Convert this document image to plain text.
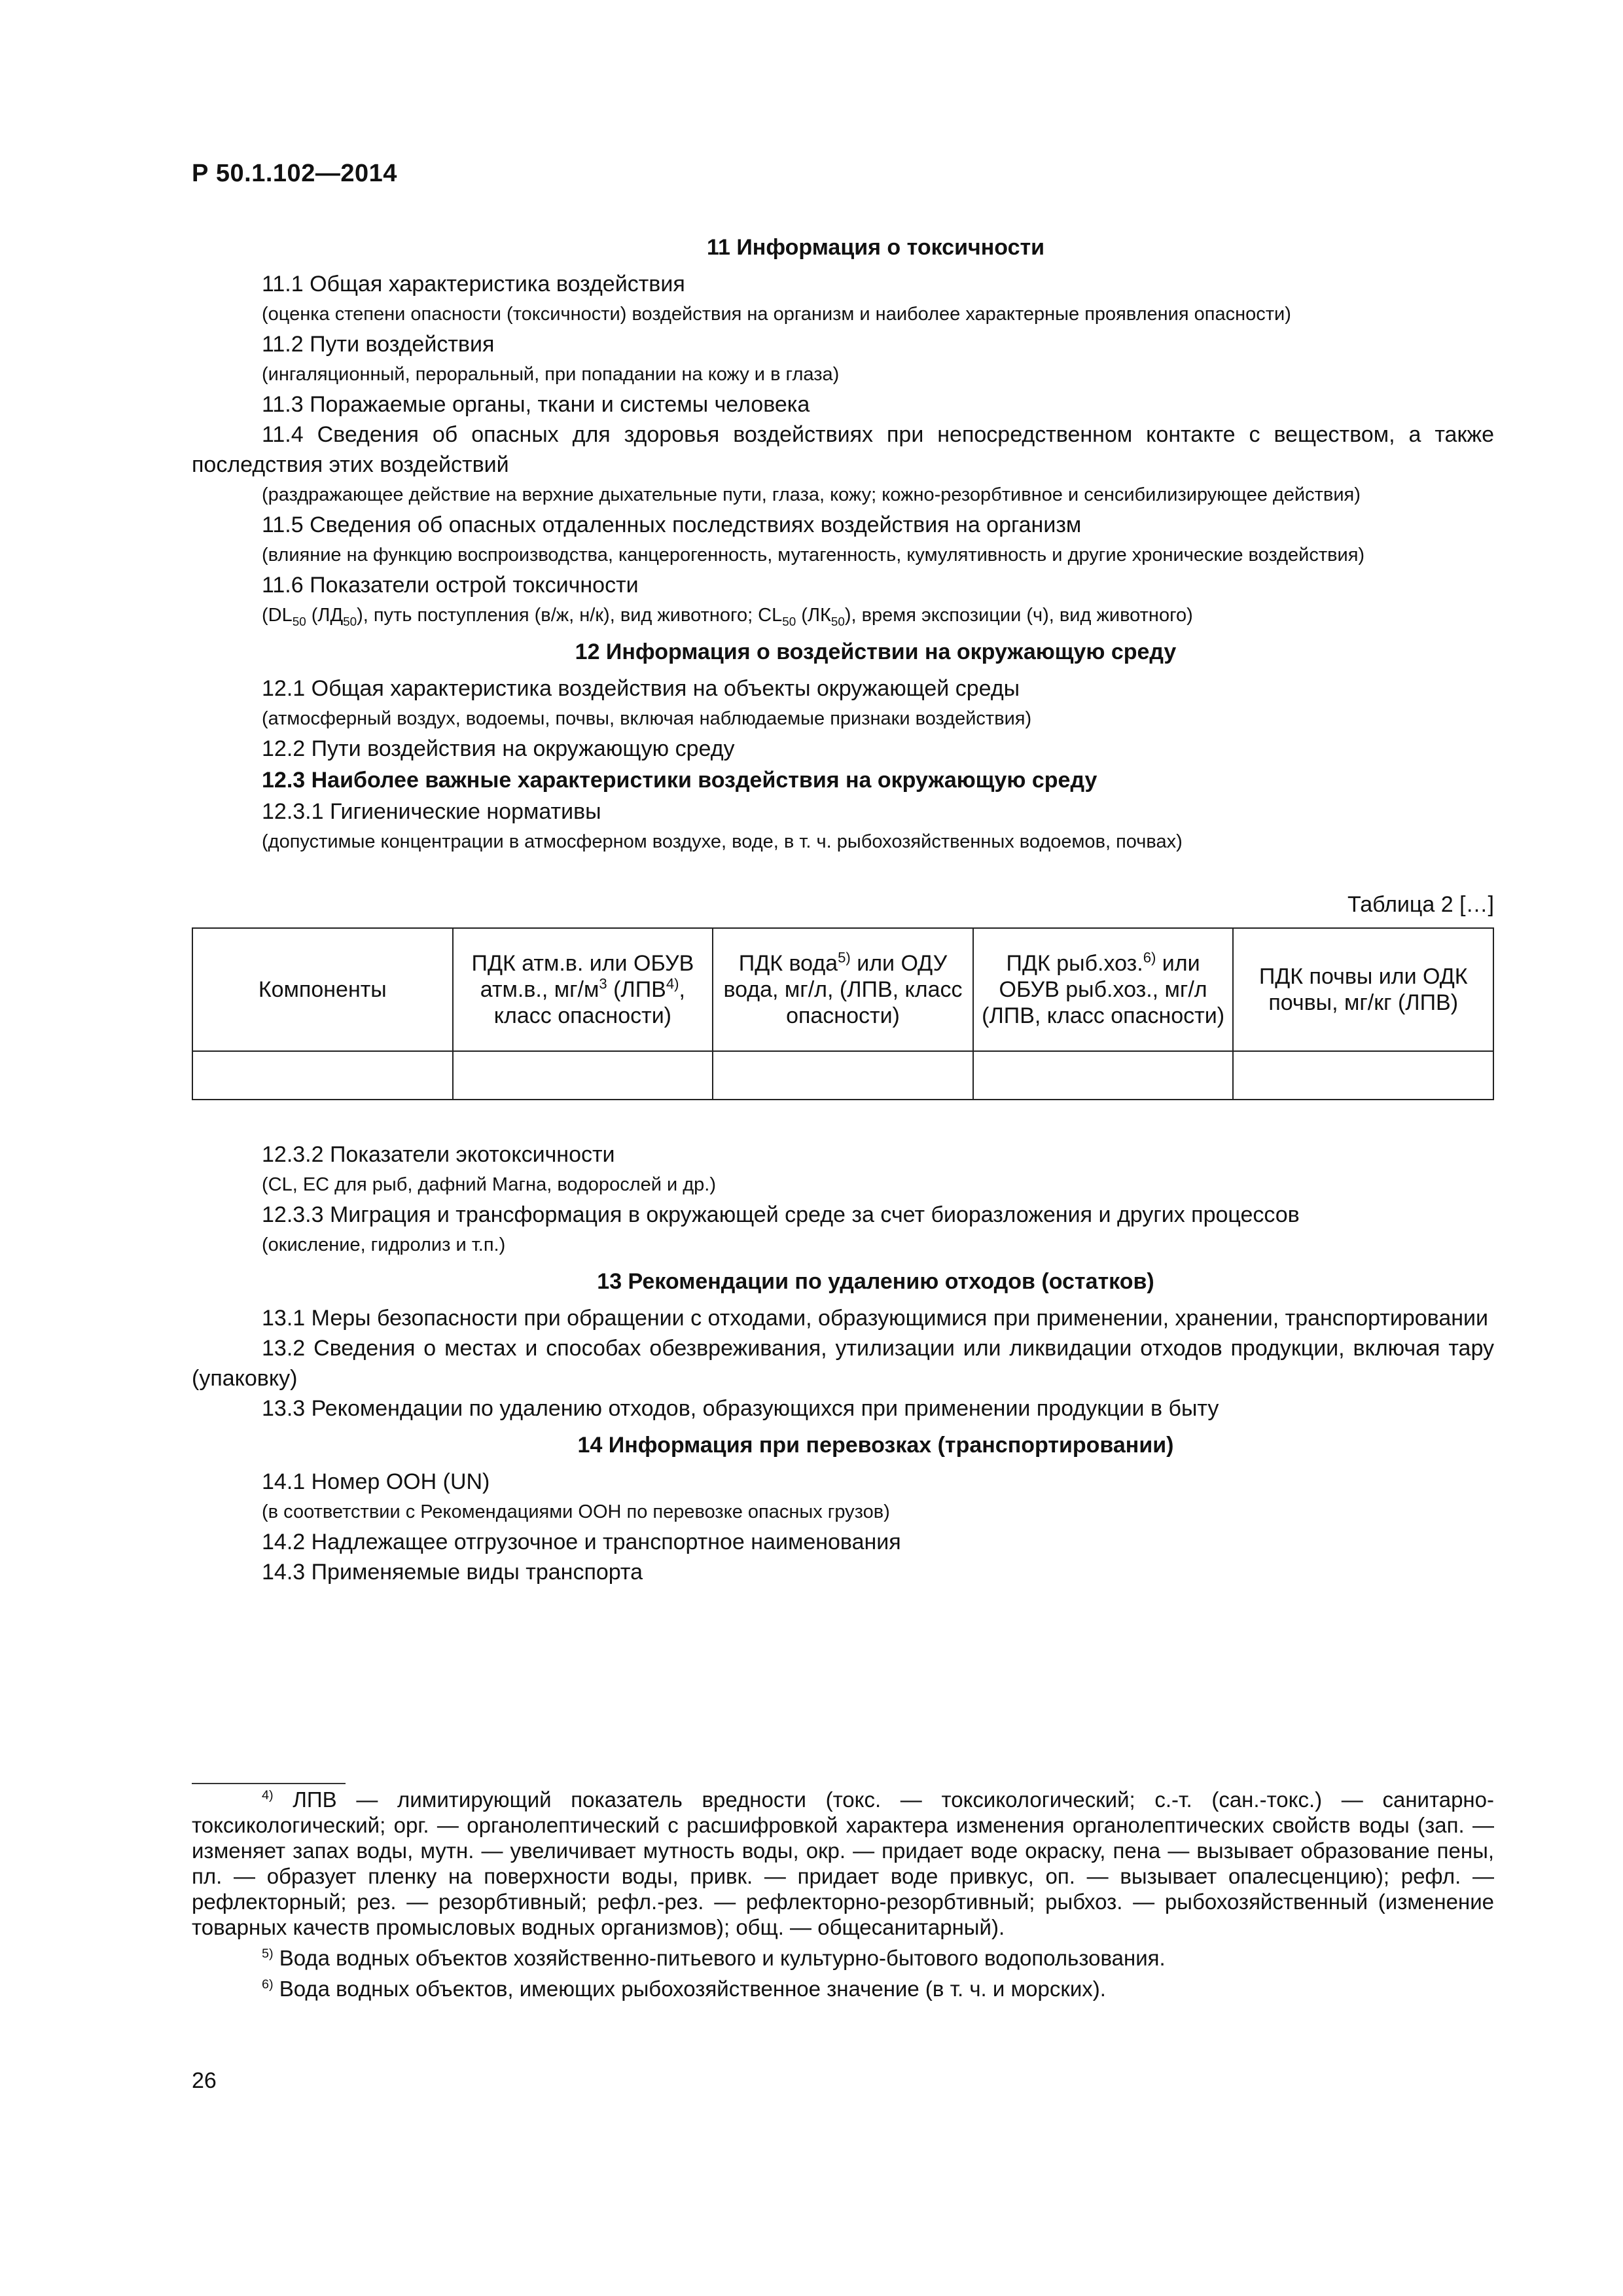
Р 50.1.102—2014
11 Информация о токсичности

11.1 Общая характеристика воздействия

(оценка степени опасности (токсичности) воздействия на организм и наиболее характерные проявления опасности)

11.2 Пути воздействия

(ингаляционный, пероральный, при попадании на кожу и в глаза)

11.3 Поражаемые органы, ткани и системы человека

11.4 Сведения об опасных для здоровья воздействиях при непосредственном контакте с веществом, а также последствия этих воздействий

(раздражающее действие на верхние дыхательные пути, глаза, кожу; кожно-резорбтивное и сенсибилизирующее действия)

11.5 Сведения об опасных отдаленных последствиях воздействия на организм

(влияние на функцию воспроизводства, канцерогенность, мутагенность, кумулятивность и другие хронические воздействия)

11.6 Показатели острой токсичности

($DL_{50}$ $(ЛД_{50})$, путь поступления (в/ж, н/к), вид животного; $CL_{50}$ $(ЛК_{50})$, время экспозиции (ч), вид животного)

12 Информация о воздействии на окружающую среду

12.1 Общая характеристика воздействия на объекты окружающей среды

(атмосферный воздух, водоемы, почвы, включая наблюдаемые признаки воздействия)

12.2 Пути воздействия на окружающую среду

12.3 Наиболее важные характеристики воздействия на окружающую среду

12.3.1 Гигиенические нормативы

(допустимые концентрации в атмосферном воздухе, воде, в т. ч. рыбохозяйственных водоемов, почвах)

Таблица 2 […]
Компоненты	ПДК атм.в. или ОБУВ атм.в., $мг/м^3$ (ЛПВ$^{4)}$, класс опасности)	ПДК вода$^{5)}$ или ОДУ вода, мг/л, (ЛПВ, класс опасности)	ПДК рыб.хоз.$^{6)}$ или ОБУВ рыб.хоз., мг/л (ЛПВ, класс опасности)	ПДК почвы или ОДК почвы, мг/кг (ЛПВ)

12.3.2 Показатели экотоксичности

(CL, EC для рыб, дафний Магна, водорослей и др.)

12.3.3 Миграция и трансформация в окружающей среде за счет биоразложения и других процессов

(окисление, гидролиз и т.п.)

13 Рекомендации по удалению отходов (остатков)

13.1 Меры безопасности при обращении с отходами, образующимися при применении, хранении, транспортировании

13.2 Сведения о местах и способах обезвреживания, утилизации или ликвидации отходов продукции, включая тару (упаковку)

13.3 Рекомендации по удалению отходов, образующихся при применении продукции в быту

14 Информация при перевозках (транспортировании)

14.1 Номер ООН (UN)

(в соответствии с Рекомендациями ООН по перевозке опасных грузов)

14.2 Надлежащее отгрузочное и транспортное наименования

14.3 Применяемые виды транспорта

$^{4)}$ ЛПВ — лимитирующий показатель вредности (токс. — токсикологический; с.-т. (сан.-токс.) — санитарно-токсикологический; орг. — органолептический с расшифровкой характера изменения органолептических свойств воды (зап. — изменяет запах воды, мутн. — увеличивает мутность воды, окр. — придает воде окраску, пена — вызывает образование пены, пл. — образует пленку на поверхности воды, привк. — придает воде привкус, оп. — вызывает опалесценцию); рефл. — рефлекторный; рез. — резорбтивный; рефл.-рез. — рефлекторно-резорбтивный; рыбхоз. — рыбохозяйственный (изменение товарных качеств промысловых водных организмов); общ. — общесанитарный).

$^{5)}$ Вода водных объектов хозяйственно-питьевого и культурно-бытового водопользования.

$^{6)}$ Вода водных объектов, имеющих рыбохозяйственное значение (в т. ч. и морских).

26
